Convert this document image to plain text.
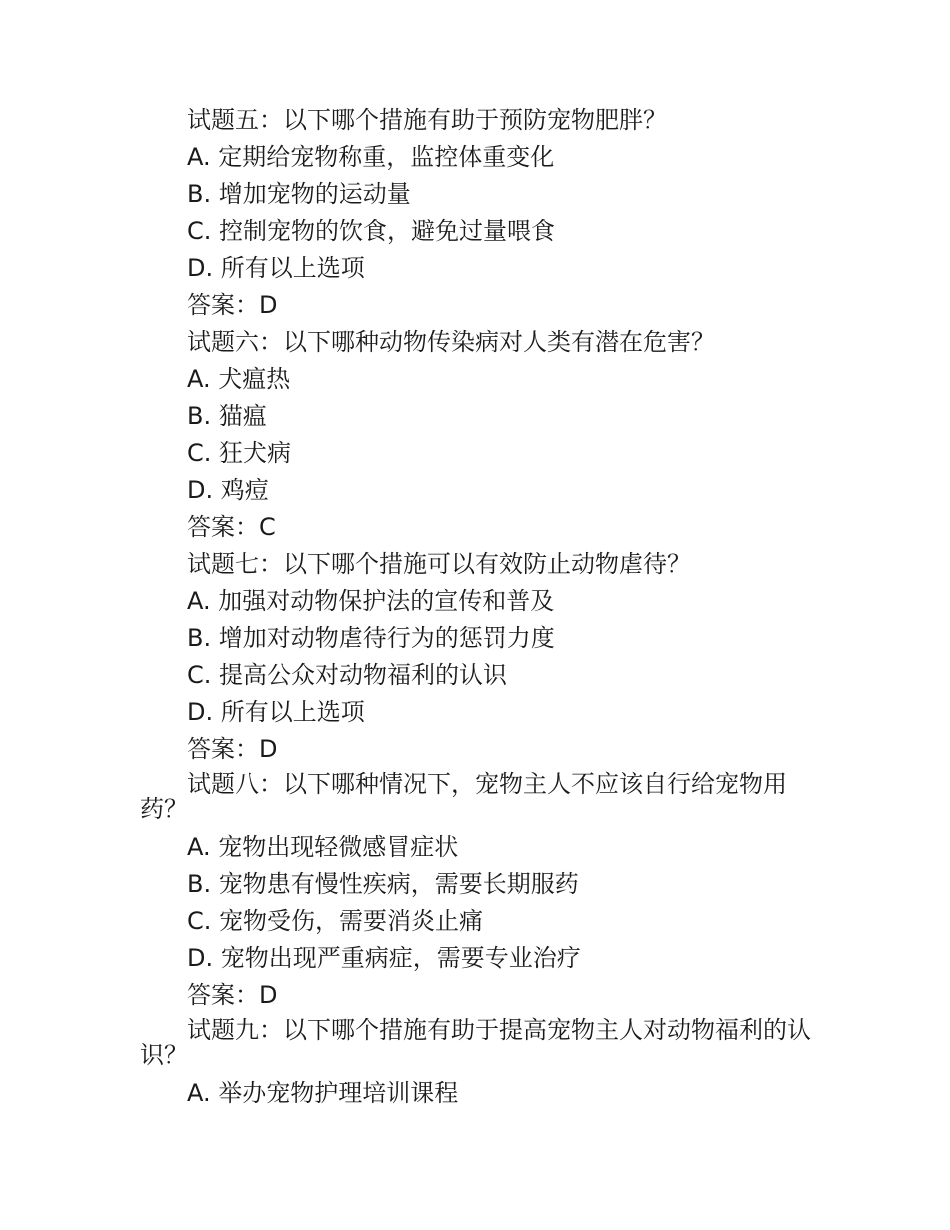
试题五：以下哪个措施有助于预防宠物肥胖？
A. 定期给宠物称重，监控体重变化
B. 增加宠物的运动量
C. 控制宠物的饮食，避免过量喂食
D. 所有以上选项
答案：D
试题六：以下哪种动物传染病对人类有潜在危害？
A. 犬瘟热
B. 猫瘟
C. 狂犬病
D. 鸡痘
答案：C
试题七：以下哪个措施可以有效防止动物虐待？
A. 加强对动物保护法的宣传和普及
B. 增加对动物虐待行为的惩罚力度
C. 提高公众对动物福利的认识
D. 所有以上选项
答案：D
试题八：以下哪种情况下，宠物主人不应该自行给宠物用药？
A. 宠物出现轻微感冒症状
B. 宠物患有慢性疾病，需要长期服药
C. 宠物受伤，需要消炎止痛
D. 宠物出现严重病症，需要专业治疗
答案：D
试题九：以下哪个措施有助于提高宠物主人对动物福利的认识？
A. 举办宠物护理培训课程
